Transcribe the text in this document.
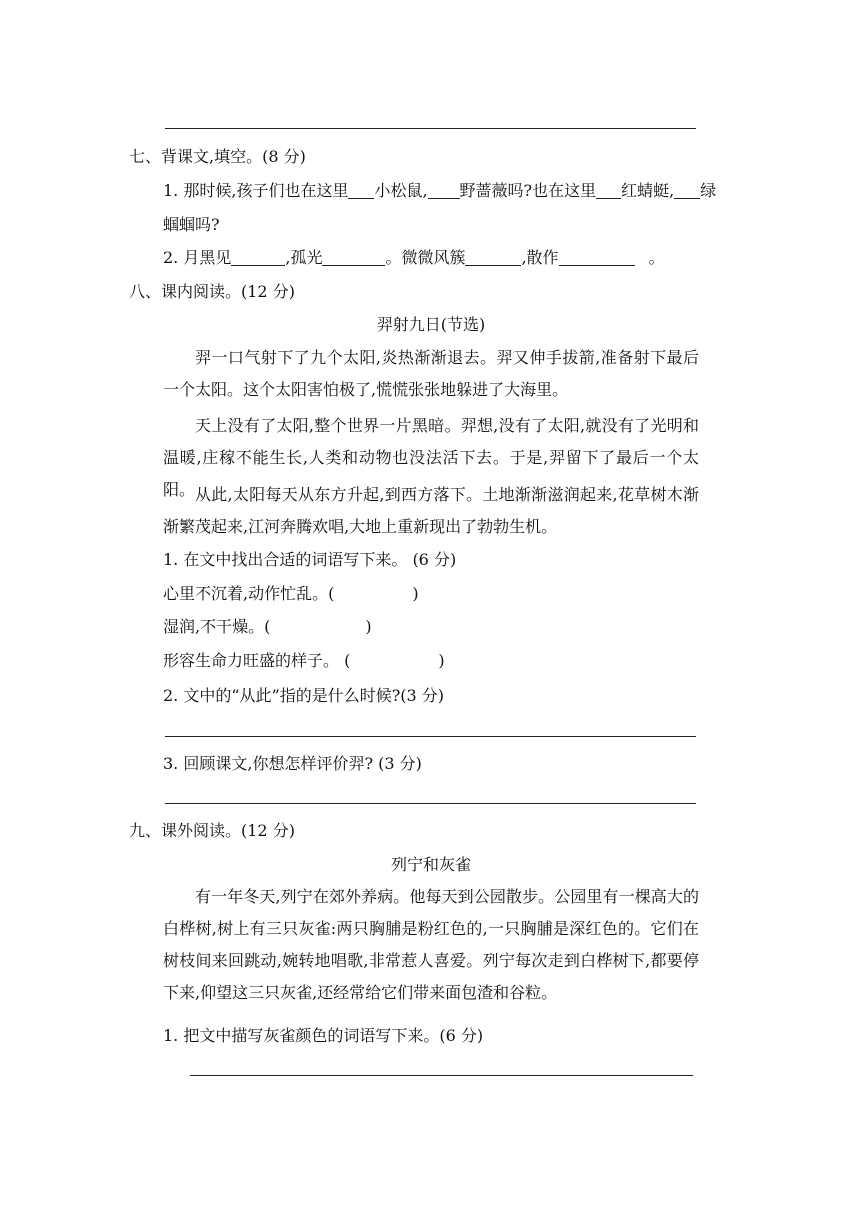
七、背课文,填空。(8 分)
1. 那时候,孩子们也在这里 小松鼠, 野蔷薇吗?也在这里 红蜻蜓, 绿
蝈蝈吗?
2. 月黑见	,孤光	。微微风簇	,散作	。
八、课内阅读。(12 分)
羿射九日(节选)
羿一口气射下了九个太阳,炎热渐渐退去。羿又伸手拔箭,准备射下最后一个太阳。这个太阳害怕极了,慌慌张张地躲进了大海里。
天上没有了太阳,整个世界一片黑暗。羿想,没有了太阳,就没有了光明和温暖,庄稼不能生长,人类和动物也没法活下去。于是,羿留下了最后一个太阳。 从此,太阳每天从东方升起,到西方落下。土地渐渐滋润起来,花草树木渐渐繁茂起来,江河奔腾欢唱,大地上重新现出了勃勃生机。
1. 在文中找出合适的词语写下来。 (6 分)
心里不沉着,动作忙乱。(	)
湿润,不干燥。(	)
形容生命力旺盛的样子。 (	)
2. 文中的“从此”指的是什么时候?(3 分)
3. 回顾课文,你想怎样评价羿? (3 分)
九、课外阅读。(12 分)
列宁和灰雀
有一年冬天,列宁在郊外养病。他每天到公园散步。公园里有一棵高大的白桦树,树上有三只灰雀:两只胸脯是粉红色的,一只胸脯是深红色的。它们在树枝间来回跳动,婉转地唱歌,非常惹人喜爱。列宁每次走到白桦树下,都要停下来,仰望这三只灰雀,还经常给它们带来面包渣和谷粒。
1. 把文中描写灰雀颜色的词语写下来。(6 分)
